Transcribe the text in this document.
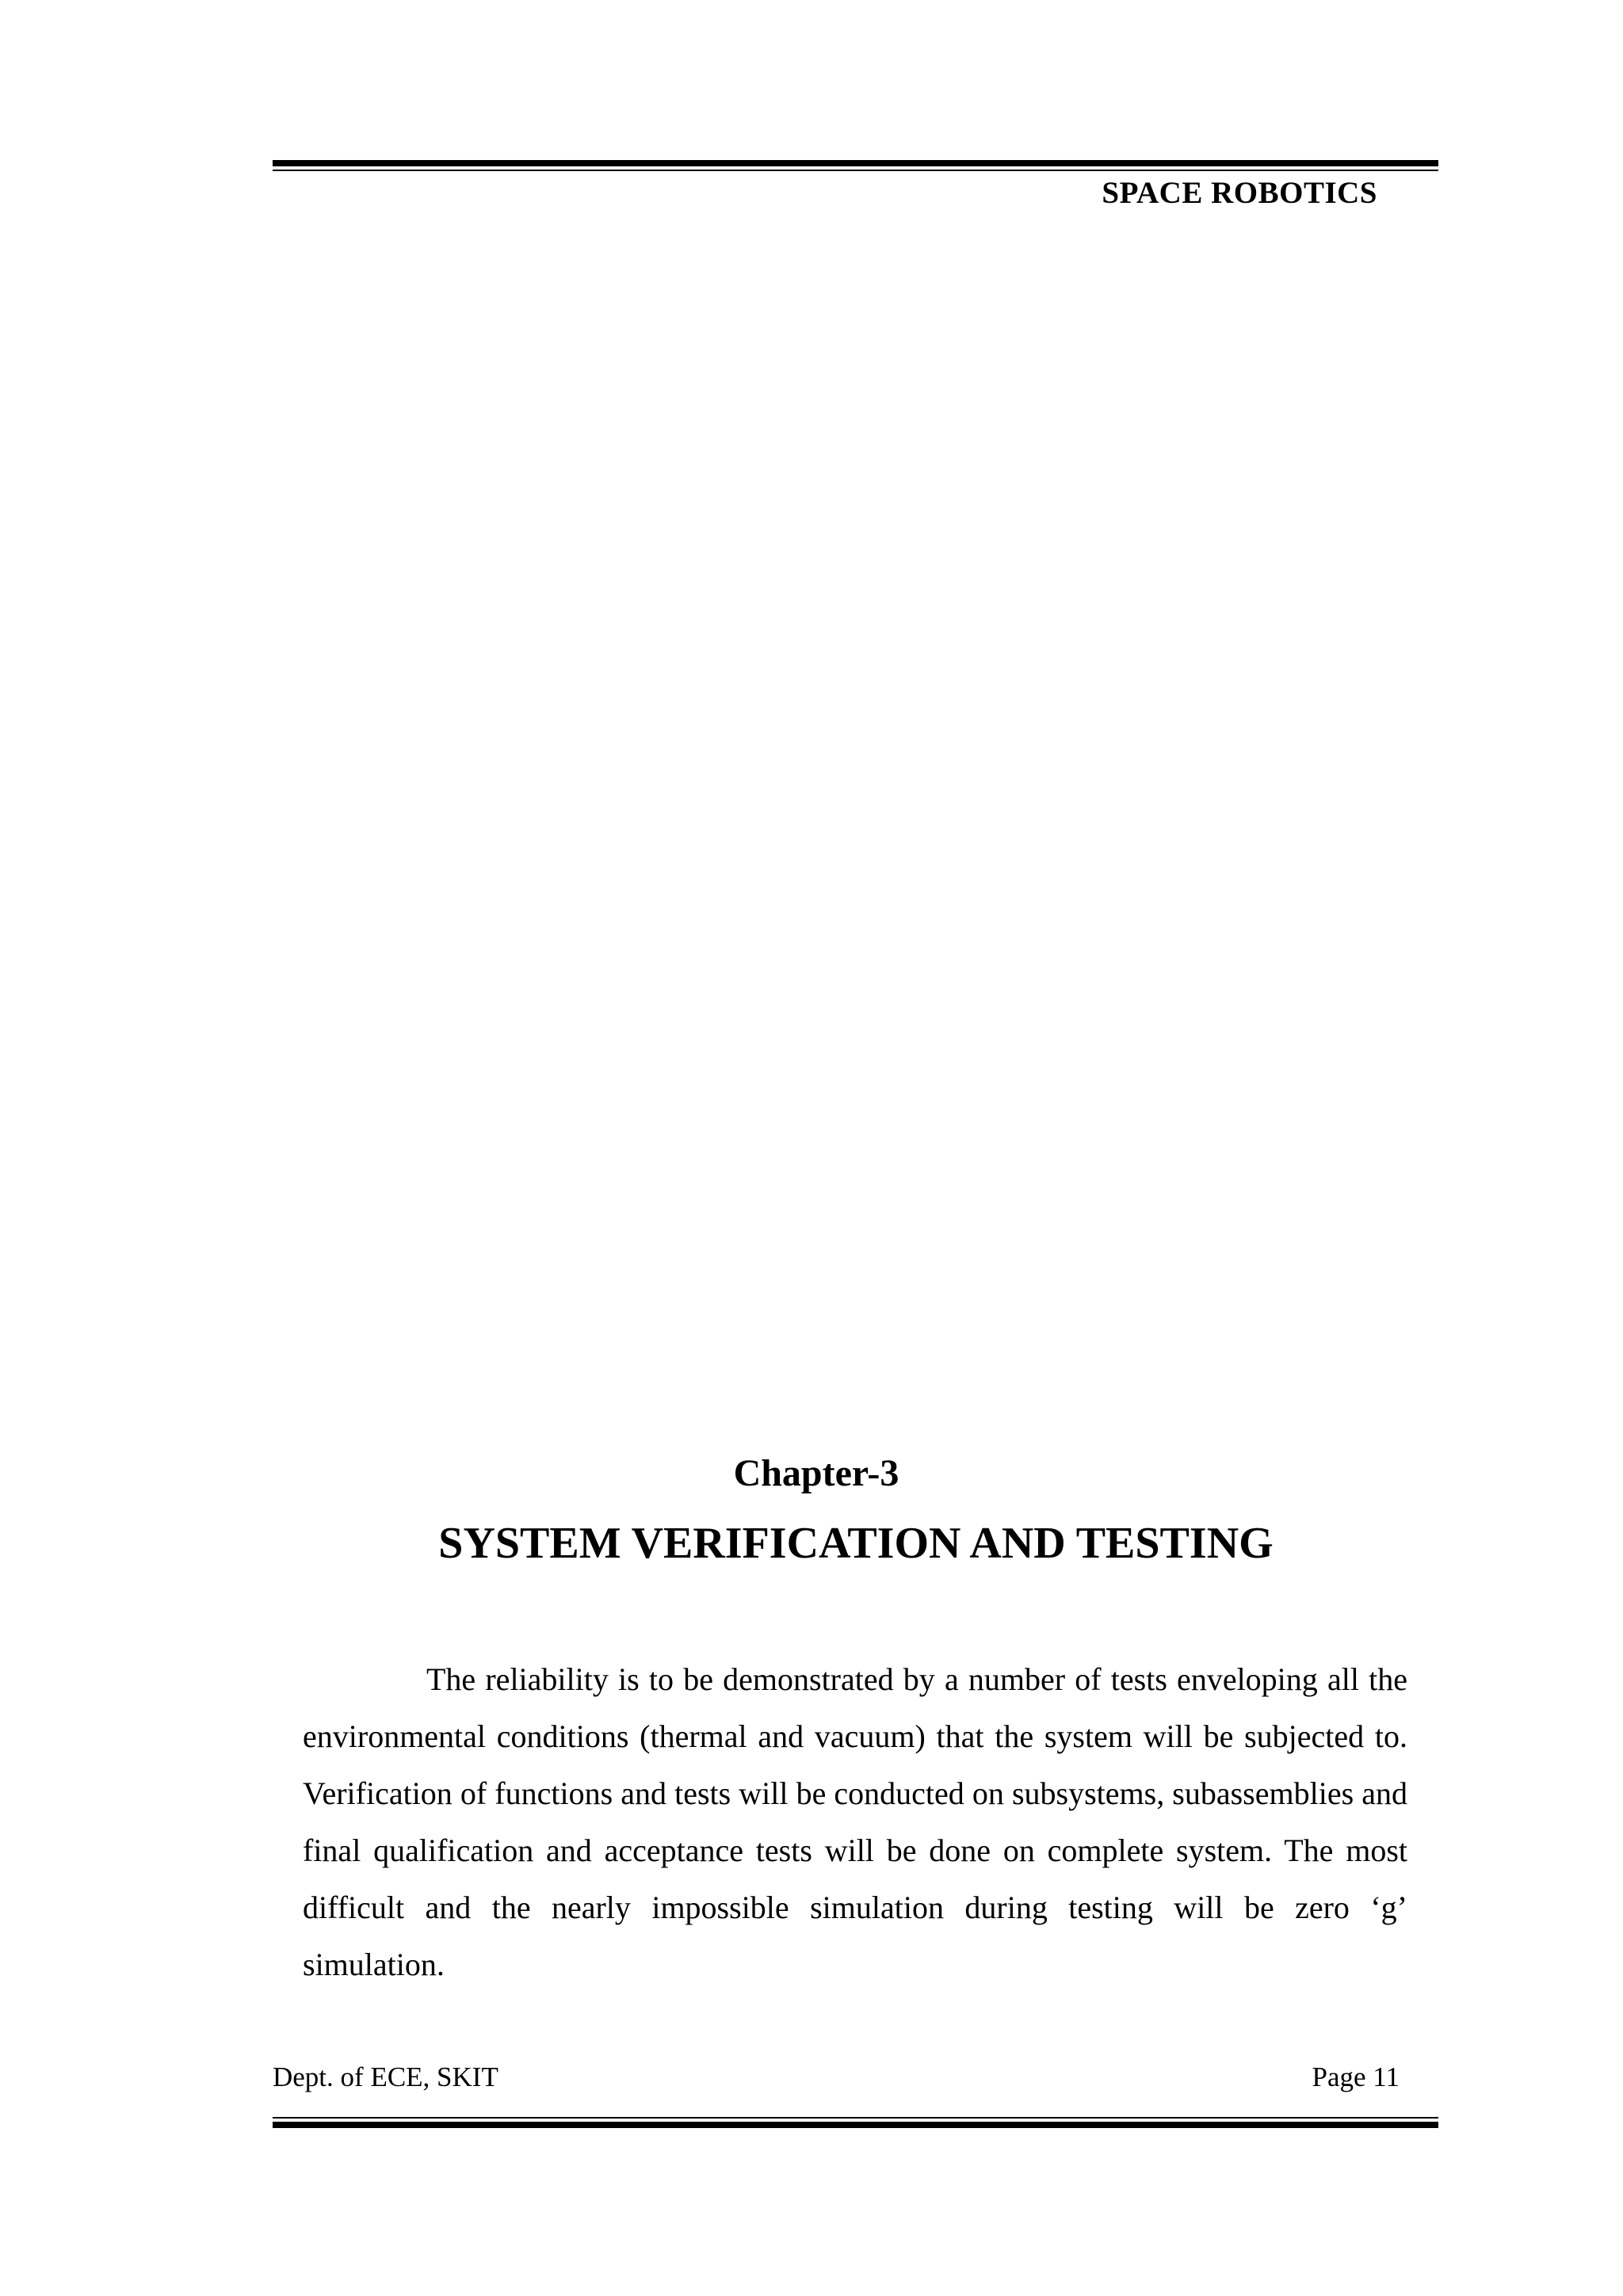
SPACE ROBOTICS
Chapter-3
SYSTEM VERIFICATION AND TESTING

The reliability is to be demonstrated by a number of tests enveloping all the environmental conditions (thermal and vacuum) that the system will be subjected to. Verification of functions and tests will be conducted on subsystems, subassemblies and final qualification and acceptance tests will be done on complete system. The most difficult and the nearly impossible simulation during testing will be zero ‘g’ simulation.

Dept. of ECE, SKIT	Page 11
